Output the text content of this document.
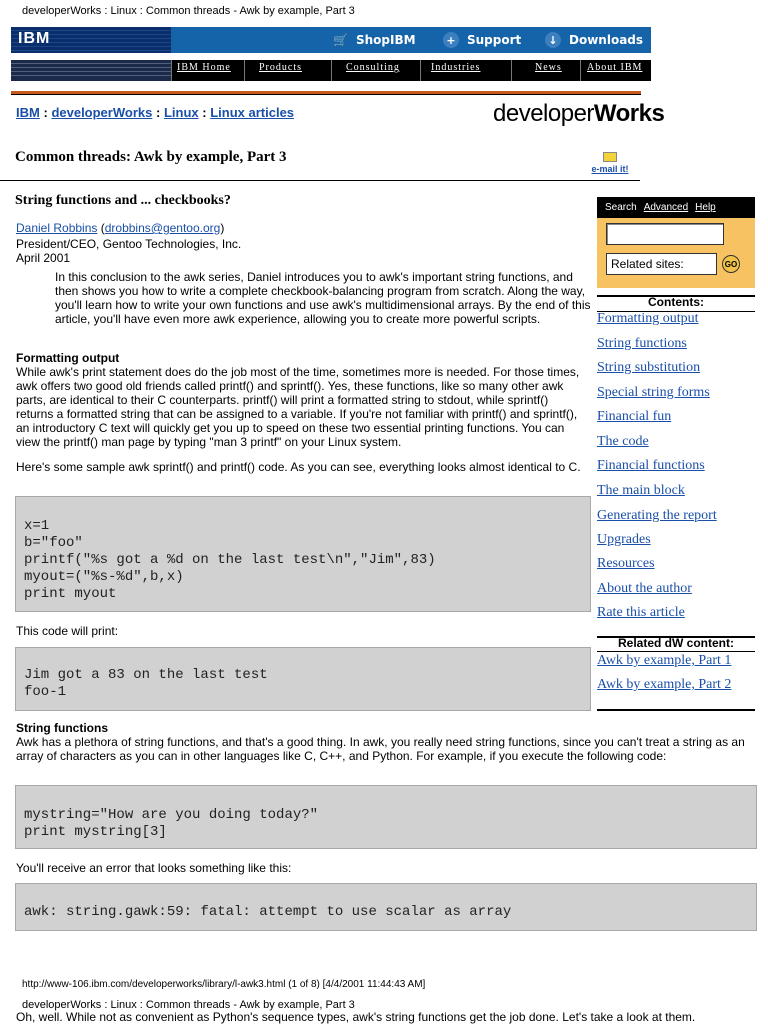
developerWorks : Linux : Common threads - Awk by example, Part 3
IBM	🛒 ShopIBM	+ Support	↓ Downloads
IBM Home	Products	Consulting	Industries	News	About IBM
IBM : developerWorks : Linux : Linux articles	developerWorks
Common threads: Awk by example, Part 3
e-mail it!
String functions and ... checkbooks?
Daniel Robbins (drobbins@gentoo.org)
President/CEO, Gentoo Technologies, Inc.
April 2001
In this conclusion to the awk series, Daniel introduces you to awk's important string functions, and then shows you how to write a complete checkbook-balancing program from scratch. Along the way, you'll learn how to write your own functions and use awk's multidimensional arrays. By the end of this article, you'll have even more awk experience, allowing you to create more powerful scripts.
Formatting output
While awk's print statement does do the job most of the time, sometimes more is needed. For those times, awk offers two good old friends called printf() and sprintf(). Yes, these functions, like so many other awk parts, are identical to their C counterparts. printf() will print a formatted string to stdout, while sprintf() returns a formatted string that can be assigned to a variable. If you're not familiar with printf() and sprintf(), an introductory C text will quickly get you up to speed on these two essential printing functions. You can view the printf() man page by typing "man 3 printf" on your Linux system.
Here's some sample awk sprintf() and printf() code. As you can see, everything looks almost identical to C.
x=1
b="foo"
printf("%s got a %d on the last test\n","Jim",83)
myout=("%s-%d",b,x)
print myout
This code will print:
Jim got a 83 on the last test
foo-1
String functions
Awk has a plethora of string functions, and that's a good thing. In awk, you really need string functions, since you can't treat a string as an array of characters as you can in other languages like C, C++, and Python. For example, if you execute the following code:
mystring="How are you doing today?"
print mystring[3]
You'll receive an error that looks something like this:
awk: string.gawk:59: fatal: attempt to use scalar as array
Search Advanced Help
Related sites:	GO
Contents:
Formatting output
String functions
String substitution
Special string forms
Financial fun
The code
Financial functions
The main block
Generating the report
Upgrades
Resources
About the author
Rate this article
Related dW content:
Awk by example, Part 1
Awk by example, Part 2
http://www-106.ibm.com/developerworks/library/l-awk3.html (1 of 8) [4/4/2001 11:44:43 AM]
developerWorks : Linux : Common threads - Awk by example, Part 3
Oh, well. While not as convenient as Python's sequence types, awk's string functions get the job done. Let's take a look at them.
